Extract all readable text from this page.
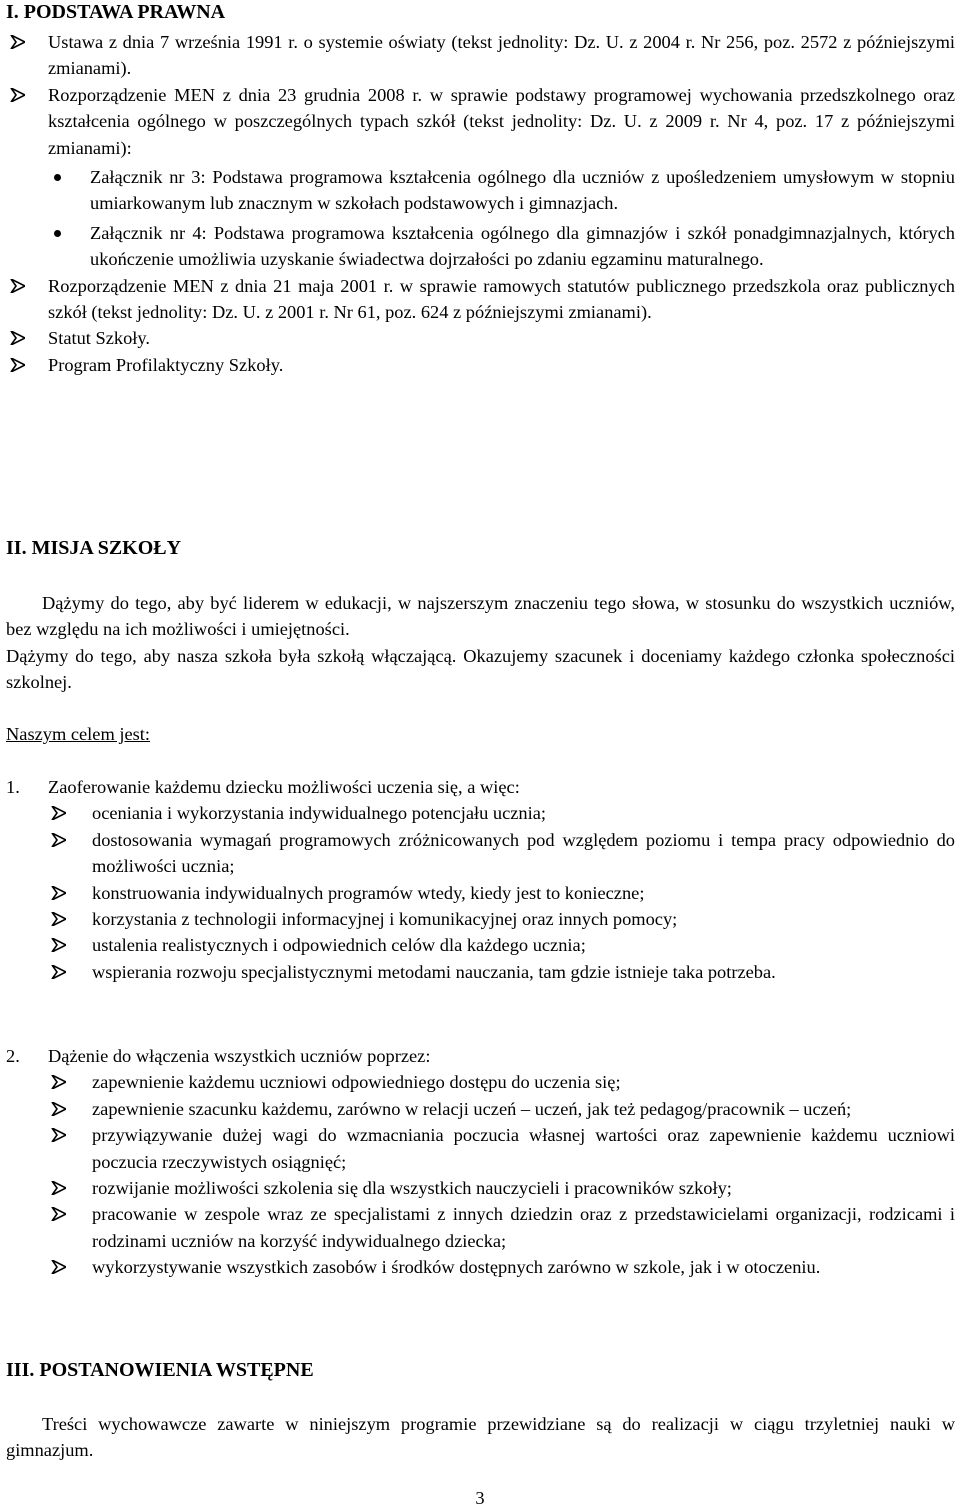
I. PODSTAWA PRAWNA
Ustawa z dnia 7 września 1991 r. o systemie oświaty (tekst jednolity: Dz. U. z 2004 r. Nr 256, poz. 2572 z późniejszymi zmianami).
Rozporządzenie MEN z dnia 23 grudnia 2008 r. w sprawie podstawy programowej wychowania przedszkolnego oraz kształcenia ogólnego w poszczególnych typach szkół (tekst jednolity: Dz. U. z 2009 r. Nr 4, poz. 17 z późniejszymi zmianami):
Załącznik nr 3: Podstawa programowa kształcenia ogólnego dla uczniów z upośledzeniem umysłowym w stopniu umiarkowanym lub znacznym w szkołach podstawowych i gimnazjach.
Załącznik nr 4: Podstawa programowa kształcenia ogólnego dla gimnazjów i szkół ponadgimnazjalnych, których ukończenie umożliwia uzyskanie świadectwa dojrzałości po zdaniu egzaminu maturalnego.
Rozporządzenie MEN z dnia 21 maja 2001 r. w sprawie ramowych statutów publicznego przedszkola oraz publicznych szkół (tekst jednolity: Dz. U. z 2001 r. Nr 61, poz. 624 z późniejszymi zmianami).
Statut Szkoły.
Program Profilaktyczny Szkoły.
II. MISJA SZKOŁY

Dążymy do tego, aby być liderem w edukacji, w najszerszym znaczeniu tego słowa, w stosunku do wszystkich uczniów, bez względu na ich możliwości i umiejętności.

Dążymy do tego, aby nasza szkoła była szkołą włączającą. Okazujemy szacunek i doceniamy każdego członka społeczności szkolnej.

Naszym celem jest:
1. Zaoferowanie każdemu dziecku możliwości uczenia się, a więc:
oceniania i wykorzystania indywidualnego potencjału ucznia;
dostosowania wymagań programowych zróżnicowanych pod względem poziomu i tempa pracy odpowiednio do możliwości ucznia;
konstruowania indywidualnych programów wtedy, kiedy jest to konieczne;
korzystania z technologii informacyjnej i komunikacyjnej oraz innych pomocy;
ustalenia realistycznych i odpowiednich celów dla każdego ucznia;
wspierania rozwoju specjalistycznymi metodami nauczania, tam gdzie istnieje taka potrzeba.
2. Dążenie do włączenia wszystkich uczniów poprzez:
zapewnienie każdemu uczniowi odpowiedniego dostępu do uczenia się;
zapewnienie szacunku każdemu, zarówno w relacji uczeń – uczeń, jak też pedagog/pracownik – uczeń;
przywiązywanie dużej wagi do wzmacniania poczucia własnej wartości oraz zapewnienie każdemu uczniowi poczucia rzeczywistych osiągnięć;
rozwijanie możliwości szkolenia się dla wszystkich nauczycieli i pracowników szkoły;
pracowanie w zespole wraz ze specjalistami z innych dziedzin oraz z przedstawicielami organizacji, rodzicami i rodzinami uczniów na korzyść indywidualnego dziecka;
wykorzystywanie wszystkich zasobów i środków dostępnych zarówno w szkole, jak i w otoczeniu.
III. POSTANOWIENIA WSTĘPNE

Treści wychowawcze zawarte w niniejszym programie przewidziane są do realizacji w ciągu trzyletniej nauki w gimnazjum.

3
